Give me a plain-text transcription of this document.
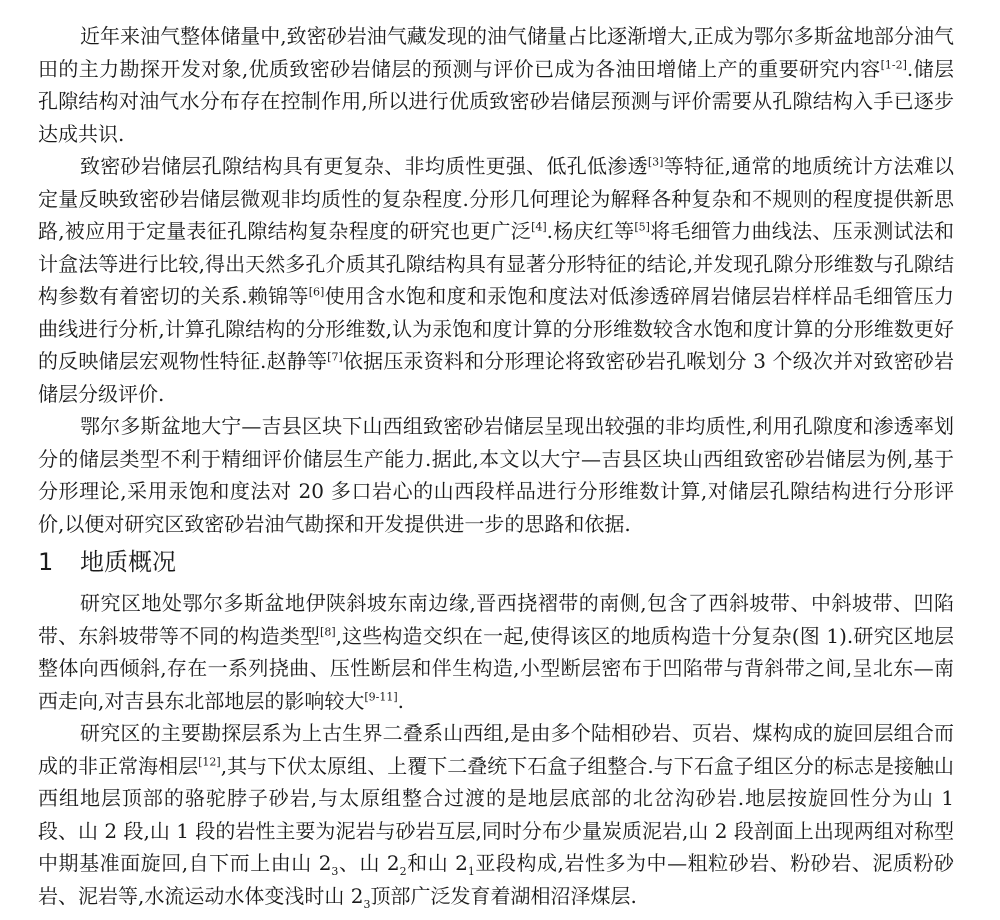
近年来油气整体储量中,致密砂岩油气藏发现的油气储量占比逐渐增大,正成为鄂尔多斯盆地部分油气田的主力勘探开发对象,优质致密砂岩储层的预测与评价已成为各油田增储上产的重要研究内容[1-2].储层孔隙结构对油气水分布存在控制作用,所以进行优质致密砂岩储层预测与评价需要从孔隙结构入手已逐步达成共识.

致密砂岩储层孔隙结构具有更复杂、非均质性更强、低孔低渗透[3]等特征,通常的地质统计方法难以定量反映致密砂岩储层微观非均质性的复杂程度.分形几何理论为解释各种复杂和不规则的程度提供新思路,被应用于定量表征孔隙结构复杂程度的研究也更广泛[4].杨庆红等[5]将毛细管力曲线法、压汞测试法和计盒法等进行比较,得出天然多孔介质其孔隙结构具有显著分形特征的结论,并发现孔隙分形维数与孔隙结构参数有着密切的关系.赖锦等[6]使用含水饱和度和汞饱和度法对低渗透碎屑岩储层岩样样品毛细管压力曲线进行分析,计算孔隙结构的分形维数,认为汞饱和度计算的分形维数较含水饱和度计算的分形维数更好的反映储层宏观物性特征.赵静等[7]依据压汞资料和分形理论将致密砂岩孔喉划分 3 个级次并对致密砂岩储层分级评价.

鄂尔多斯盆地大宁—吉县区块下山西组致密砂岩储层呈现出较强的非均质性,利用孔隙度和渗透率划分的储层类型不利于精细评价储层生产能力.据此,本文以大宁—吉县区块山西组致密砂岩储层为例,基于分形理论,采用汞饱和度法对 20 多口岩心的山西段样品进行分形维数计算,对储层孔隙结构进行分形评价,以便对研究区致密砂岩油气勘探和开发提供进一步的思路和依据.

1 地质概况

研究区地处鄂尔多斯盆地伊陕斜坡东南边缘,晋西挠褶带的南侧,包含了西斜坡带、中斜坡带、凹陷带、东斜坡带等不同的构造类型[8],这些构造交织在一起,使得该区的地质构造十分复杂(图 1).研究区地层整体向西倾斜,存在一系列挠曲、压性断层和伴生构造,小型断层密布于凹陷带与背斜带之间,呈北东—南西走向,对吉县东北部地层的影响较大[9-11].

研究区的主要勘探层系为上古生界二叠系山西组,是由多个陆相砂岩、页岩、煤构成的旋回层组合而成的非正常海相层[12],其与下伏太原组、上覆下二叠统下石盒子组整合.与下石盒子组区分的标志是接触山西组地层顶部的骆驼脖子砂岩,与太原组整合过渡的是地层底部的北岔沟砂岩.地层按旋回性分为山 1 段、山 2 段,山 1 段的岩性主要为泥岩与砂岩互层,同时分布少量炭质泥岩,山 2 段剖面上出现两组对称型中期基准面旋回,自下而上由山 $2_3$、山 $2_2$和山 $2_1$亚段构成,岩性多为中—粗粒砂岩、粉砂岩、泥质粉砂岩、泥岩等,水流运动水体变浅时山 $2_3$顶部广泛发育着湖相沼泽煤层.
